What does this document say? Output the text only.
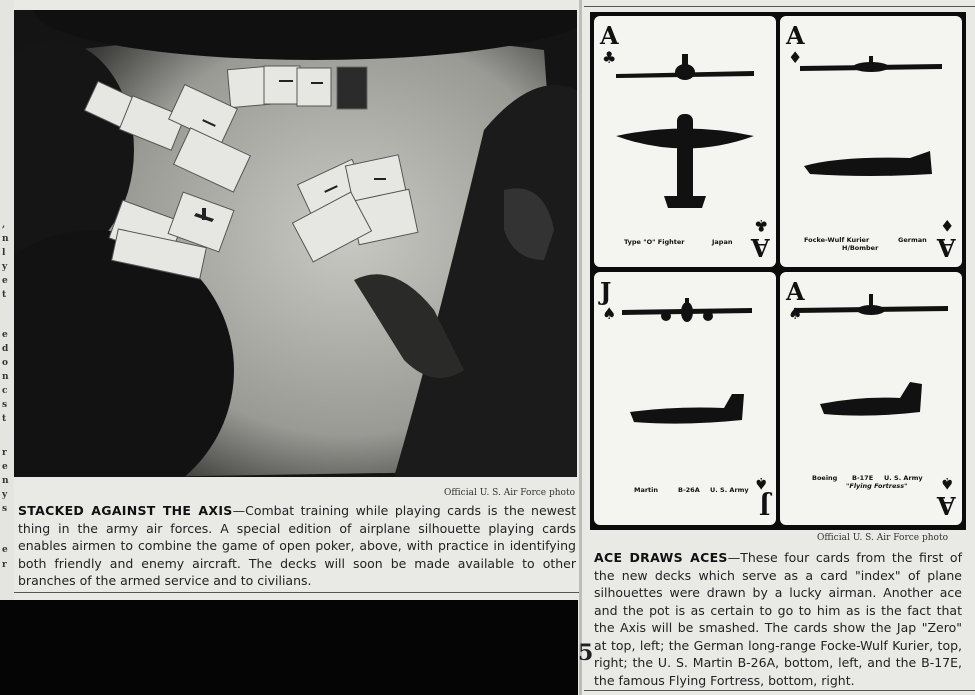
,
n
l
y
e
t
e
d
o
n
c
s
t
r
e
n
y
s
e
r
Official U. S. Air Force photo
STACKED AGAINST THE AXIS—Combat training while playing cards is the newest thing in the army air forces. A special edition of airplane silhouette playing cards enables airmen to combine the game of open poker, above, with practice in identifying both friendly and enemy aircraft. The decks will soon be made available to other branches of the armed service and to civilians.
5
A
♣
A
♣
Type "O" Fighter	Japan
A
♦
A
♦
Focke-Wulf Kurier	German
H/Bomber
J
♠
J
♠
Martin	B-26A U. S. Army
A
♠
A
♠
Boeing B-17E U. S. Army
"Flying Fortress"
Official U. S. Air Force photo
ACE DRAWS ACES—These four cards from the first of the new decks which serve as a card "index" of plane silhouettes were drawn by a lucky airman. Another ace and the pot is as certain to go to him as is the fact that the Axis will be smashed. The cards show the Jap "Zero" at top, left; the German long-range Focke-Wulf Kurier, top, right; the U. S. Martin B-26A, bottom, left, and the B-17E, the famous Flying Fortress, bottom, right.
